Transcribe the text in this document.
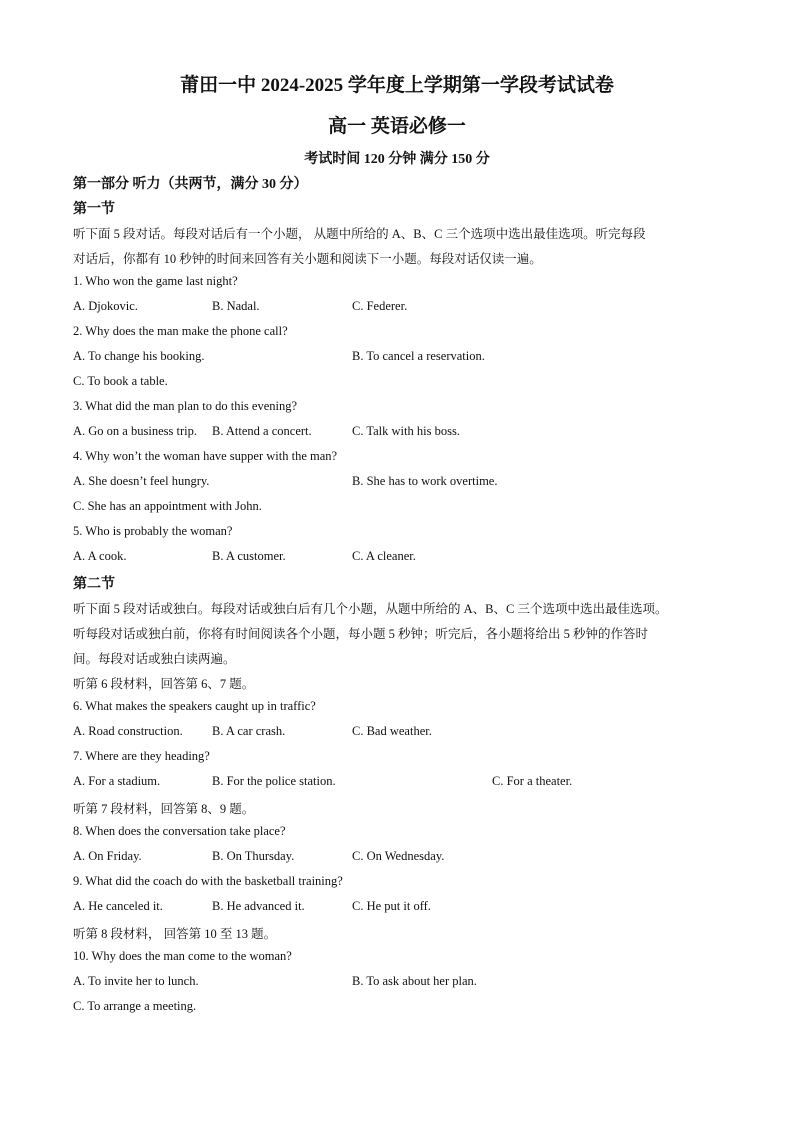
莆田一中 2024-2025 学年度上学期第一学段考试试卷
高一 英语必修一
考试时间 120 分钟 满分 150 分
第一部分 听力（共两节，满分 30 分）
第一节
听下面 5 段对话。每段对话后有一个小题， 从题中所给的 A、B、C 三个选项中选出最佳选项。听完每段
对话后，你都有 10 秒钟的时间来回答有关小题和阅读下一小题。每段对话仅读一遍。
1. Who won the game last night?
A. Djokovic.	B. Nadal.	C. Federer.
2. Why does the man make the phone call?
A. To change his booking.	B. To cancel a reservation.
C. To book a table.
3. What did the man plan to do this evening?
A. Go on a business trip. B. Attend a concert.	C. Talk with his boss.
4. Why won’t the woman have supper with the man?
A. She doesn’t feel hungry.	B. She has to work overtime.
C. She has an appointment with John.
5. Who is probably the woman?
A. A cook.	B. A customer.	C. A cleaner.
第二节
听下面 5 段对话或独白。每段对话或独白后有几个小题，从题中所给的 A、B、C 三个选项中选出最佳选项。
听每段对话或独白前，你将有时间阅读各个小题，每小题 5 秒钟；听完后，各小题将给出 5 秒钟的作答时
间。每段对话或独白读两遍。
听第 6 段材料，回答第 6、7 题。
6. What makes the speakers caught up in traffic?
A. Road construction. B. A car crash.	C. Bad weather.
7. Where are they heading?
A. For a stadium.	B. For the police station.	C. For a theater.
听第 7 段材料，回答第 8、9 题。
8. When does the conversation take place?
A. On Friday.	B. On Thursday.	C. On Wednesday.
9. What did the coach do with the basketball training?
A. He canceled it.	B. He advanced it.	C. He put it off.
听第 8 段材料， 回答第 10 至 13 题。
10. Why does the man come to the woman?
A. To invite her to lunch.	B. To ask about her plan.
C. To arrange a meeting.
